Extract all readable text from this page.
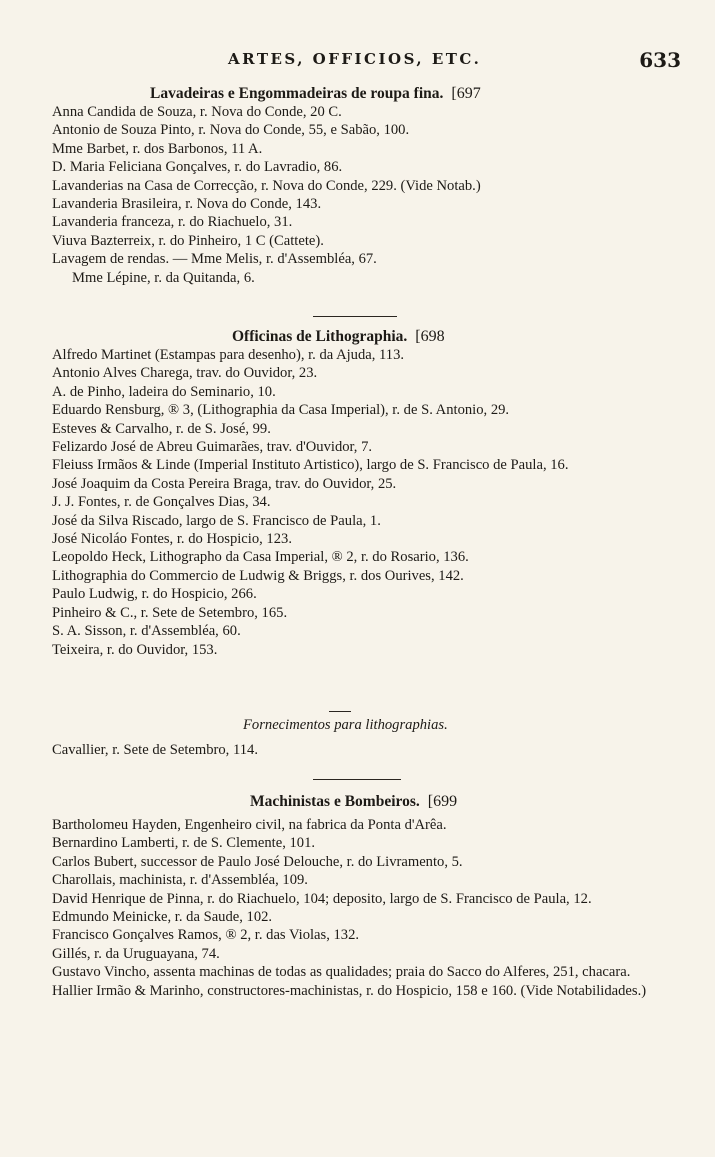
ARTES, OFFICIOS, ETC.	633
Lavadeiras e Engommadeiras de roupa fina. [697
Anna Candida de Souza, r. Nova do Conde, 20 C.
Antonio de Souza Pinto, r. Nova do Conde, 55, e Sabão, 100.
Mme Barbet, r. dos Barbonos, 11 A.
D. Maria Feliciana Gonçalves, r. do Lavradio, 86.
Lavanderias na Casa de Correcção, r. Nova do Conde, 229. (Vide Notab.)
Lavanderia Brasileira, r. Nova do Conde, 143.
Lavanderia franceza, r. do Riachuelo, 31.
Viuva Bazterreix, r. do Pinheiro, 1 C (Cattete).
Lavagem de rendas. — Mme Melis, r. d'Assembléa, 67.
Mme Lépine, r. da Quitanda, 6.
Officinas de Lithographia. [698
Alfredo Martinet (Estampas para desenho), r. da Ajuda, 113.
Antonio Alves Charega, trav. do Ouvidor, 23.
A. de Pinho, ladeira do Seminario, 10.
Eduardo Rensburg, ® 3, (Lithographia da Casa Imperial), r. de S. Antonio, 29.
Esteves & Carvalho, r. de S. José, 99.
Felizardo José de Abreu Guimarães, trav. d'Ouvidor, 7.
Fleiuss Irmãos & Linde (Imperial Instituto Artistico), largo de S. Francisco de Paula, 16.
José Joaquim da Costa Pereira Braga, trav. do Ouvidor, 25.
J. J. Fontes, r. de Gonçalves Dias, 34.
José da Silva Riscado, largo de S. Francisco de Paula, 1.
José Nicoláo Fontes, r. do Hospicio, 123.
Leopoldo Heck, Lithographo da Casa Imperial, ® 2, r. do Rosario, 136.
Lithographia do Commercio de Ludwig & Briggs, r. dos Ourives, 142.
Paulo Ludwig, r. do Hospicio, 266.
Pinheiro & C., r. Sete de Setembro, 165.
S. A. Sisson, r. d'Assembléa, 60.
Teixeira, r. do Ouvidor, 153.
Fornecimentos para lithographias.
Cavallier, r. Sete de Setembro, 114.
Machinistas e Bombeiros. [699
Bartholomeu Hayden, Engenheiro civil, na fabrica da Ponta d'Arêa.
Bernardino Lamberti, r. de S. Clemente, 101.
Carlos Bubert, successor de Paulo José Delouche, r. do Livramento, 5.
Charollais, machinista, r. d'Assembléa, 109.
David Henrique de Pinna, r. do Riachuelo, 104; deposito, largo de S. Francisco de Paula, 12.
Edmundo Meinicke, r. da Saude, 102.
Francisco Gonçalves Ramos, ® 2, r. das Violas, 132.
Gillés, r. da Uruguayana, 74.
Gustavo Vincho, assenta machinas de todas as qualidades; praia do Sacco do Alferes, 251, chacara.
Hallier Irmão & Marinho, constructores-machinistas, r. do Hospicio, 158 e 160. (Vide Notabilidades.)
